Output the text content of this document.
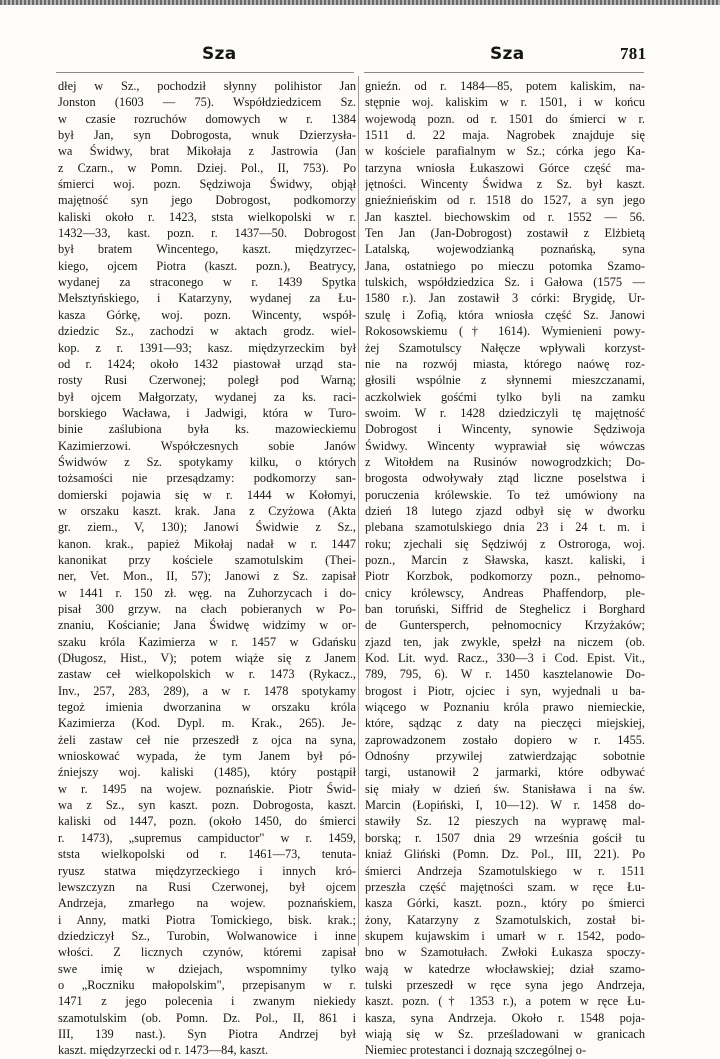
Sza	Sza	781
dłej w Sz., pochodził słynny polihistor Jan
Jonston (1603 — 75). Współdziedzicem Sz.
w czasie rozruchów domowych w r. 1384
był Jan, syn Dobrogosta, wnuk Dzierzysła-
wa Świdwy, brat Mikołaja z Jastrowia (Jan
z Czarn., w Pomn. Dziej. Pol., II, 753). Po
śmierci woj. pozn. Sędziwoja Świdwy, objął
majętność syn jego Dobrogost, podkomorzy
kaliski około r. 1423, ststa wielkopolski w r.
1432—33, kast. pozn. r. 1437—50. Dobrogost
był bratem Wincentego, kaszt. międzyrzec-
kiego, ojcem Piotra (kaszt. pozn.), Beatrycy,
wydanej za straconego w r. 1439 Spytka
Mełsztyńskiego, i Katarzyny, wydanej za Łu-
kasza Górkę, woj. pozn. Wincenty, współ-
dziedzic Sz., zachodzi w aktach grodz. wiel-
kop. z r. 1391—93; kasz. międzyrzeckim był
od r. 1424; około 1432 piastował urząd sta-
rosty Rusi Czerwonej; poległ pod Warną;
był ojcem Małgorzaty, wydanej za ks. raci-
borskiego Wacława, i Jadwigi, która w Turo-
binie zaślubiona była ks. mazowieckiemu
Kazimierzowi. Współczesnych sobie Janów
Świdwów z Sz. spotykamy kilku, o których
tożsamości nie przesądzamy: podkomorzy san-
domierski pojawia się w r. 1444 w Kołomyi,
w orszaku kaszt. krak. Jana z Czyżowa (Akta
gr. ziem., V, 130); Janowi Świdwie z Sz.,
kanon. krak., papież Mikołaj nadał w r. 1447
kanonikat przy kościele szamotulskim (Thei-
ner, Vet. Mon., II, 57); Janowi z Sz. zapisał
w 1441 r. 150 zł. węg. na Zuhorzycach i do-
pisał 300 grzyw. na cłach pobieranych w Po-
znaniu, Kościanie; Jana Świdwę widzimy w or-
szaku króla Kazimierza w r. 1457 w Gdańsku
(Długosz, Hist., V); potem wiąże się z Janem
zastaw ceł wielkopolskich w r. 1473 (Rykacz.,
Inv., 257, 283, 289), a w r. 1478 spotykamy
tegoż imienia dworzanina w orszaku króla
Kazimierza (Kod. Dypl. m. Krak., 265). Je-
żeli zastaw ceł nie przeszedł z ojca na syna,
wnioskować wypada, że tym Janem był pó-
źniejszy woj. kaliski (1485), który postąpił
w r. 1495 na wojew. poznańskie. Piotr Świd-
wa z Sz., syn kaszt. pozn. Dobrogosta, kaszt.
kaliski od 1447, pozn. (około 1450, do śmierci
r. 1473), „supremus campiductor" w r. 1459,
ststa wielkopolski od r. 1461—73, tenuta-
ryusz statwa międzyrzeckiego i innych kró-
lewszczyzn na Rusi Czerwonej, był ojcem
Andrzeja, zmarłego na wojew. poznańskiem,
i Anny, matki Piotra Tomickiego, bisk. krak.;
dziedziczył Sz., Turobin, Wolwanowice i inne
włości. Z licznych czynów, któremi zapisał
swe imię w dziejach, wspomnimy tylko
o „Roczniku małopolskim", przepisanym w r.
1471 z jego polecenia i zwanym niekiedy
szamotulskim (ob. Pomn. Dz. Pol., II, 861 i
III, 139 nast.). Syn Piotra Andrzej był
kaszt. międzyrzecki od r. 1473—84, kaszt.
gnieźn. od r. 1484—85, potem kaliskim, na-
stępnie woj. kaliskim w r. 1501, i w końcu
wojewodą pozn. od r. 1501 do śmierci w r.
1511 d. 22 maja. Nagrobek znajduje się
w kościele parafialnym w Sz.; córka jego Ka-
tarzyna wniosła Łukaszowi Górce część ma-
jętności. Wincenty Świdwa z Sz. był kaszt.
gnieźnieńskim od r. 1518 do 1527, a syn jego
Jan kasztel. biechowskim od r. 1552 — 56.
Ten Jan (Jan-Dobrogost) zostawił z Elżbietą
Latalską, wojewodzianką poznańską, syna
Jana, ostatniego po mieczu potomka Szamo-
tulskich, współdziedzica Sz. i Gałowa (1575 —
1580 r.). Jan zostawił 3 córki: Brygidę, Ur-
szulę i Zofią, która wniosła część Sz. Janowi
Rokosowskiemu († 1614). Wymienieni powy-
żej Szamotulscy Nałęcze wpływali korzyst-
nie na rozwój miasta, którego naówę roz-
głosili wspólnie z słynnemi mieszczanami,
aczkolwiek gośćmi tylko byli na zamku
swoim. W r. 1428 dziedziczyli tę majętność
Dobrogost i Wincenty, synowie Sędziwoja
Świdwy. Wincenty wyprawiał się wówczas
z Witołdem na Rusinów nowogrodzkich; Do-
brogosta odwoływały ztąd liczne poselstwa i
poruczenia królewskie. To też umówiony na
dzień 18 lutego zjazd odbył się w dworku
plebana szamotulskiego dnia 23 i 24 t. m. i
roku; zjechali się Sędziwój z Ostroroga, woj.
pozn., Marcin z Sławska, kaszt. kaliski, i
Piotr Korzbok, podkomorzy pozn., pełnomo-
cnicy królewscy, Andreas Phaffendorp, ple-
ban toruński, Siffrid de Steghelicz i Borghard
de Guntersperch, pełnomocnicy Krzyżaków;
zjazd ten, jak zwykle, spełzł na niczem (ob.
Kod. Lit. wyd. Racz., 330—3 i Cod. Epist. Vit.,
789, 795, 6). W r. 1450 kasztelanowie Do-
brogost i Piotr, ojciec i syn, wyjednali u ba-
wiącego w Poznaniu króla prawo niemieckie,
które, sądząc z daty na pieczęci miejskiej,
zaprowadzonem zostało dopiero w r. 1455.
Odnośny przywilej zatwierdzając sobotnie
targi, ustanowił 2 jarmarki, które odbywać
się miały w dzień św. Stanisława i na św.
Marcin (Łopiński, I, 10—12). W r. 1458 do-
stawiły Sz. 12 pieszych na wyprawę mal-
borską; r. 1507 dnia 29 września gościł tu
kniaź Gliński (Pomn. Dz. Pol., III, 221). Po
śmierci Andrzeja Szamotulskiego w r. 1511
przeszła część majętności szam. w ręce Łu-
kasza Górki, kaszt. pozn., który po śmierci
żony, Katarzyny z Szamotulskich, został bi-
skupem kujawskim i umarł w r. 1542, podo-
bno w Szamotułach. Zwłoki Łukasza spoczy-
wają w katedrze włocławskiej; dział szamo-
tulski przeszedł w ręce syna jego Andrzeja,
kaszt. pozn. († 1353 r.), a potem w ręce Łu-
kasza, syna Andrzeja. Około r. 1548 poja-
wiają się w Sz. prześladowani w granicach
Niemiec protestanci i doznają szczególnej o-
